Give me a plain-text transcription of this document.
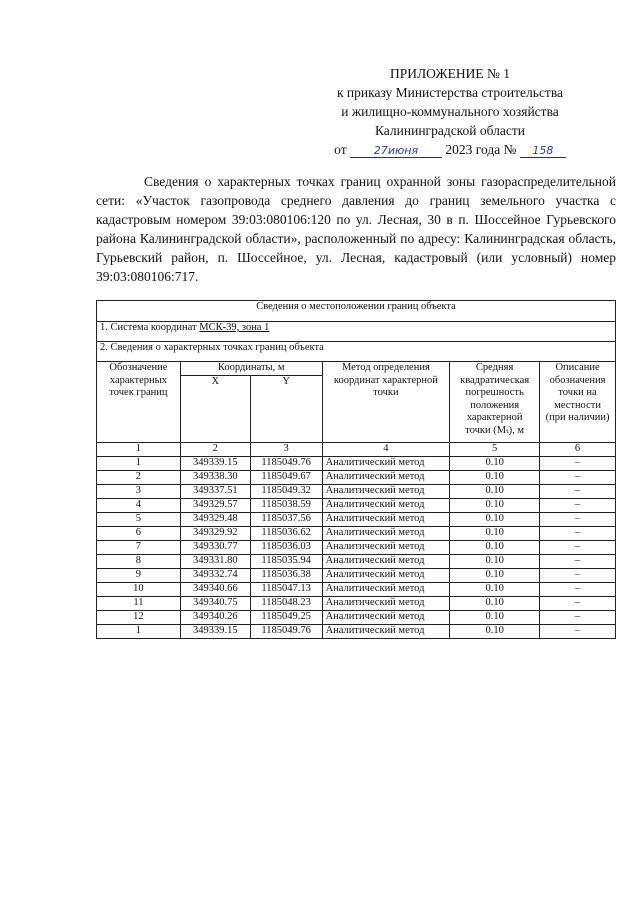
ПРИЛОЖЕНИЕ № 1
к приказу Министерства строительства
и жилищно-коммунального хозяйства
Калининградской области
от 27июня 2023 года № 158
Сведения о характерных точках границ охранной зоны газораспределительной сети: «Участок газопровода среднего давления до границ земельного участка с кадастровым номером 39:03:080106:120 по ул. Лесная, 30 в п. Шоссейное Гурьевского района Калининградской области», расположенный по адресу: Калининградская область, Гурьевский район, п. Шоссейное, ул. Лесная, кадастровый (или условный) номер 39:03:080106:717.
Сведения о местоположении границ объекта					
1. Система координат МСК-39, зона 1					
2. Сведения о характерных точках границ объекта					
Обозначение характерных точек границ	Координаты, м		Метод определения координат характерной точки	Средняя квадратическая погрешность положения характерной точки (Mₜ), м	Описание обозначения точки на местности (при наличии)
	X	Y			
1	2	3	4	5	6
1	349339.15	1185049.76	Аналитический метод	0.10	–
2	349338.30	1185049.67	Аналитический метод	0.10	–
3	349337.51	1185049.32	Аналитический метод	0.10	–
4	349329.57	1185038.59	Аналитический метод	0.10	–
5	349329.48	1185037.56	Аналитический метод	0.10	–
6	349329.92	1185036.62	Аналитический метод	0.10	–
7	349330.77	1185036.03	Аналитический метод	0.10	–
8	349331.80	1185035.94	Аналитический метод	0.10	–
9	349332.74	1185036.38	Аналитический метод	0.10	–
10	349340.66	1185047.13	Аналитический метод	0.10	–
11	349340.75	1185048.23	Аналитический метод	0.10	–
12	349340.26	1185049.25	Аналитический метод	0.10	–
1	349339.15	1185049.76	Аналитический метод	0.10	–
